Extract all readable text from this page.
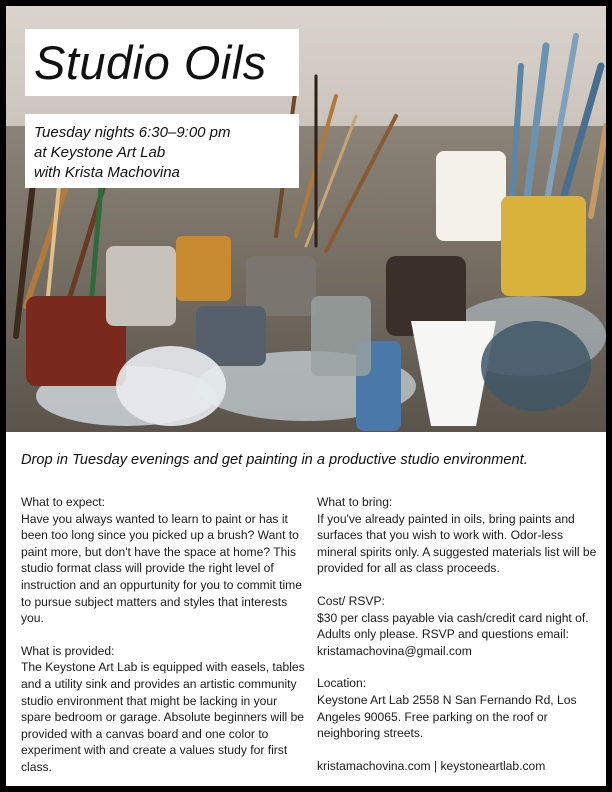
Studio Oils
Tuesday nights 6:30–9:00 pm
at Keystone Art Lab
with Krista Machovina
Drop in Tuesday evenings and get painting in a productive studio environment.
What to expect:

Have you always wanted to learn to paint or has it been too long since you picked up a brush? Want to paint more, but don't have the space at home? This studio format class will provide the right level of instruction and an oppurtunity for you to commit time to pursue subject matters and styles that interests you.

What is provided:

The Keystone Art Lab is equipped with easels, tables and a utility sink and provides an artistic community studio environment that might be lacking in your spare bedroom or garage. Absolute beginners will be provided with a canvas board and one color to experiment with and create a values study for first class.

What to bring:

If you've already painted in oils, bring paints and surfaces that you wish to work with. Odor-less mineral spirits only. A suggested materials list will be provided for all as class proceeds.

Cost/ RSVP:

$30 per class payable via cash/credit card night of. Adults only please. RSVP and questions email: kristamachovina@gmail.com

Location:

Keystone Art Lab 2558 N San Fernando Rd, Los Angeles 90065. Free parking on the roof or neighboring streets.

kristamachovina.com | keystoneartlab.com
